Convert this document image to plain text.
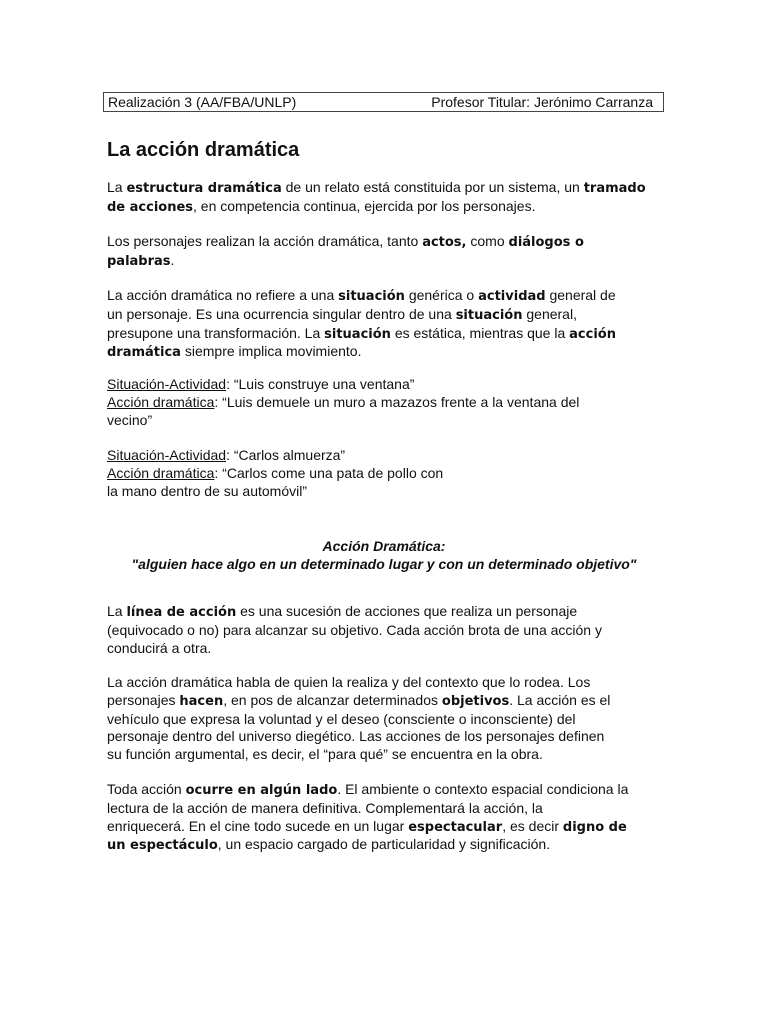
Realización 3 (AA/FBA/UNLP)	Profesor Titular: Jerónimo Carranza
La acción dramática

La estructura dramática de un relato está constituida por un sistema, un tramado
de acciones, en competencia continua, ejercida por los personajes.

Los personajes realizan la acción dramática, tanto actos, como diálogos o
palabras.

La acción dramática no refiere a una situación genérica o actividad general de
un personaje. Es una ocurrencia singular dentro de una situación general,
presupone una transformación. La situación es estática, mientras que la acción
dramática siempre implica movimiento.

Situación-Actividad: “Luis construye una ventana”
Acción dramática: “Luis demuele un muro a mazazos frente a la ventana del
vecino”

Situación-Actividad: “Carlos almuerza”
Acción dramática: “Carlos come una pata de pollo con
la mano dentro de su automóvil”

Acción Dramática:

"alguien hace algo en un determinado lugar y con un determinado objetivo"

La línea de acción es una sucesión de acciones que realiza un personaje
(equivocado o no) para alcanzar su objetivo. Cada acción brota de una acción y
conducirá a otra.

La acción dramática habla de quien la realiza y del contexto que lo rodea. Los
personajes hacen, en pos de alcanzar determinados objetivos. La acción es el
vehículo que expresa la voluntad y el deseo (consciente o inconsciente) del
personaje dentro del universo diegético. Las acciones de los personajes definen
su función argumental, es decir, el “para qué” se encuentra en la obra.

Toda acción ocurre en algún lado. El ambiente o contexto espacial condiciona la
lectura de la acción de manera definitiva. Complementará la acción, la
enriquecerá. En el cine todo sucede en un lugar espectacular, es decir digno de
un espectáculo, un espacio cargado de particularidad y significación.
